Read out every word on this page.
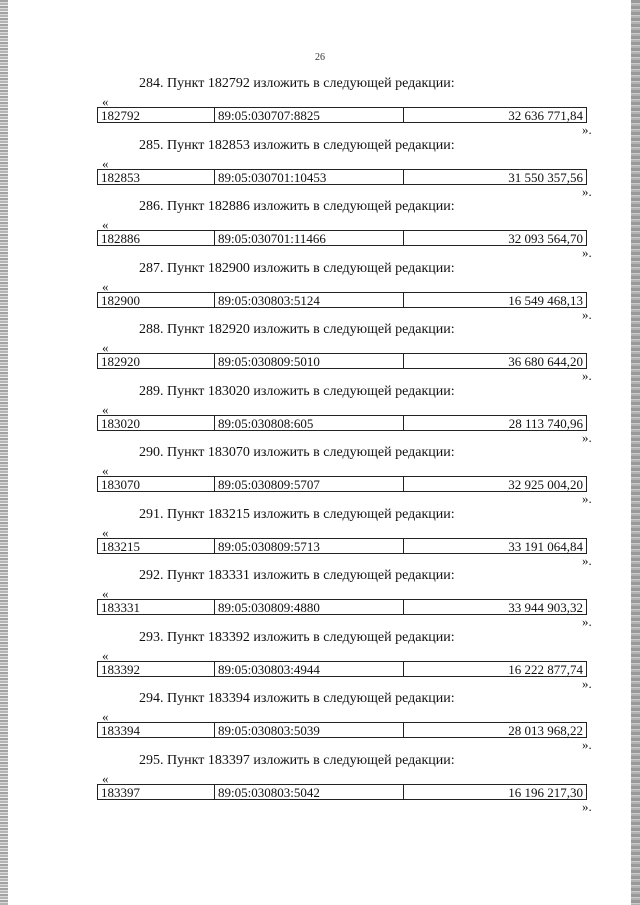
26
284. Пункт 182792 изложить в следующей редакции:
«
182792	89:05:030707:8825	32 636 771,84
».
285. Пункт 182853 изложить в следующей редакции:
«
182853	89:05:030701:10453	31 550 357,56
».
286. Пункт 182886 изложить в следующей редакции:
«
182886	89:05:030701:11466	32 093 564,70
».
287. Пункт 182900 изложить в следующей редакции:
«
182900	89:05:030803:5124	16 549 468,13
».
288. Пункт 182920 изложить в следующей редакции:
«
182920	89:05:030809:5010	36 680 644,20
».
289. Пункт 183020 изложить в следующей редакции:
«
183020	89:05:030808:605	28 113 740,96
».
290. Пункт 183070 изложить в следующей редакции:
«
183070	89:05:030809:5707	32 925 004,20
».
291. Пункт 183215 изложить в следующей редакции:
«
183215	89:05:030809:5713	33 191 064,84
».
292. Пункт 183331 изложить в следующей редакции:
«
183331	89:05:030809:4880	33 944 903,32
».
293. Пункт 183392 изложить в следующей редакции:
«
183392	89:05:030803:4944	16 222 877,74
».
294. Пункт 183394 изложить в следующей редакции:
«
183394	89:05:030803:5039	28 013 968,22
».
295. Пункт 183397 изложить в следующей редакции:
«
183397	89:05:030803:5042	16 196 217,30
».
